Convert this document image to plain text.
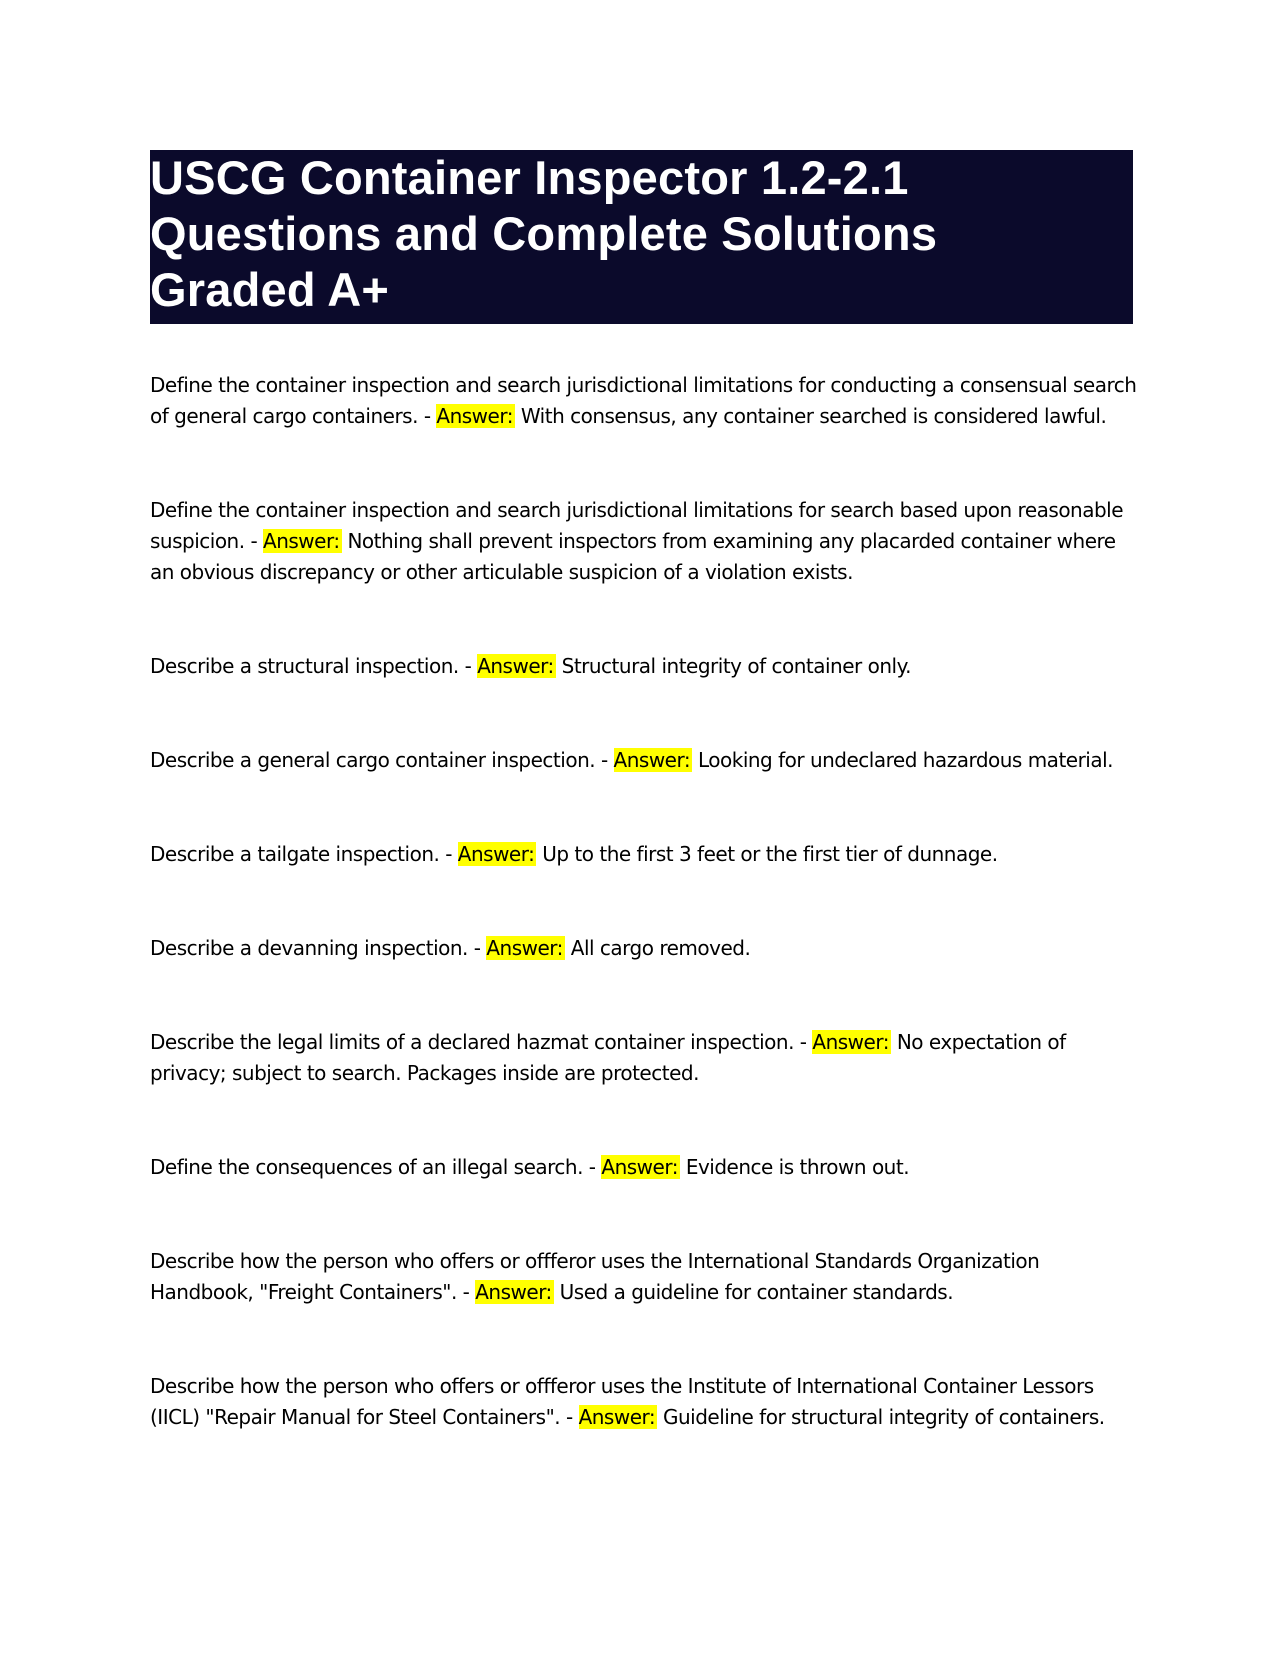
USCG Container Inspector 1.2-2.1
Questions and Complete Solutions
Graded A+

Define the container inspection and search jurisdictional limitations for conducting a consensual search of general cargo containers. - Answer: With consensus, any container searched is considered lawful.

Define the container inspection and search jurisdictional limitations for search based upon reasonable suspicion. - Answer: Nothing shall prevent inspectors from examining any placarded container where an obvious discrepancy or other articulable suspicion of a violation exists.

Describe a structural inspection. - Answer: Structural integrity of container only.

Describe a general cargo container inspection. - Answer: Looking for undeclared hazardous material.

Describe a tailgate inspection. - Answer: Up to the first 3 feet or the first tier of dunnage.

Describe a devanning inspection. - Answer: All cargo removed.

Describe the legal limits of a declared hazmat container inspection. - Answer: No expectation of privacy; subject to search. Packages inside are protected.

Define the consequences of an illegal search. - Answer: Evidence is thrown out.

Describe how the person who offers or offferor uses the International Standards Organization Handbook, "Freight Containers". - Answer: Used a guideline for container standards.

Describe how the person who offers or offferor uses the Institute of International Container Lessors (IICL) "Repair Manual for Steel Containers". - Answer: Guideline for structural integrity of containers.
